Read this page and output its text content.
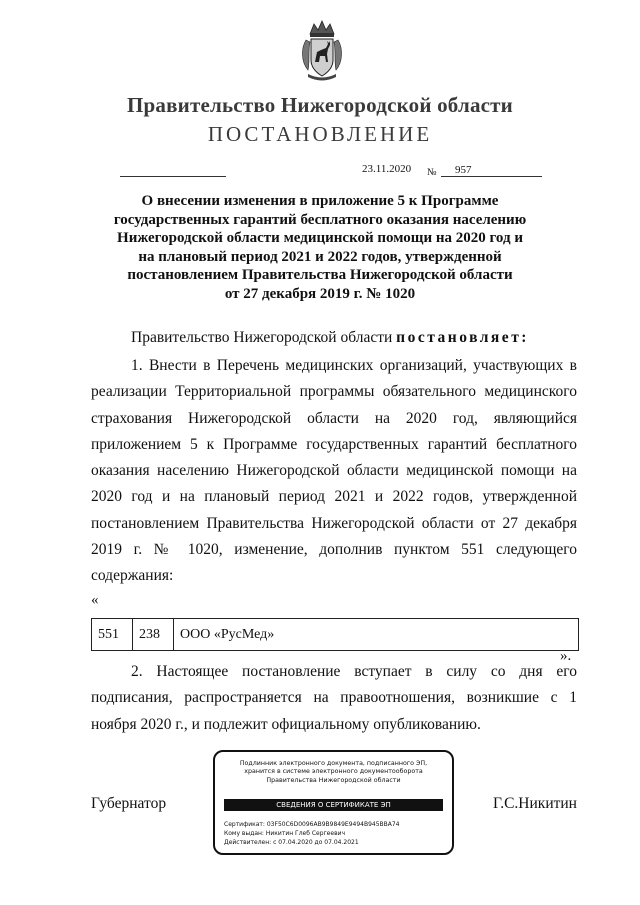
Правительство Нижегородской области
ПОСТАНОВЛЕНИЕ
23.11.2020 № 957
О внесении изменения в приложение 5 к Программе
государственных гарантий бесплатного оказания населению
Нижегородской области медицинской помощи на 2020 год и
на плановый период 2021 и 2022 годов, утвержденной
постановлением Правительства Нижегородской области
от 27 декабря 2019 г. № 1020
Правительство Нижегородской области постановляет:
1. Внести в Перечень медицинских организаций, участвующих в реализации Территориальной программы обязательного медицинского страхования Нижегородской области на 2020 год, являющийся приложением 5 к Программе государственных гарантий бесплатного оказания населению Нижегородской области медицинской помощи на 2020 год и на плановый период 2021 и 2022 годов, утвержденной постановлением Правительства Нижегородской области от 27 декабря 2019 г. № 1020, изменение, дополнив пунктом 551 следующего содержания:
«
551	238	ООО «РусМед»
».
2. Настоящее постановление вступает в силу со дня его подписания, распространяется на правоотношения, возникшие с 1 ноября 2020 г., и подлежит официальному опубликованию.
Губернатор	Г.С.Никитин
Подлинник электронного документа, подписанного ЭП,
хранится в системе электронного документооборота
Правительства Нижегородской области
СВЕДЕНИЯ О СЕРТИФИКАТЕ ЭП
Сертификат: 03F50C6D0096AB9B9849E9494B945BBA74
Кому выдан: Никитин Глеб Сергеевич
Действителен: с 07.04.2020 до 07.04.2021
